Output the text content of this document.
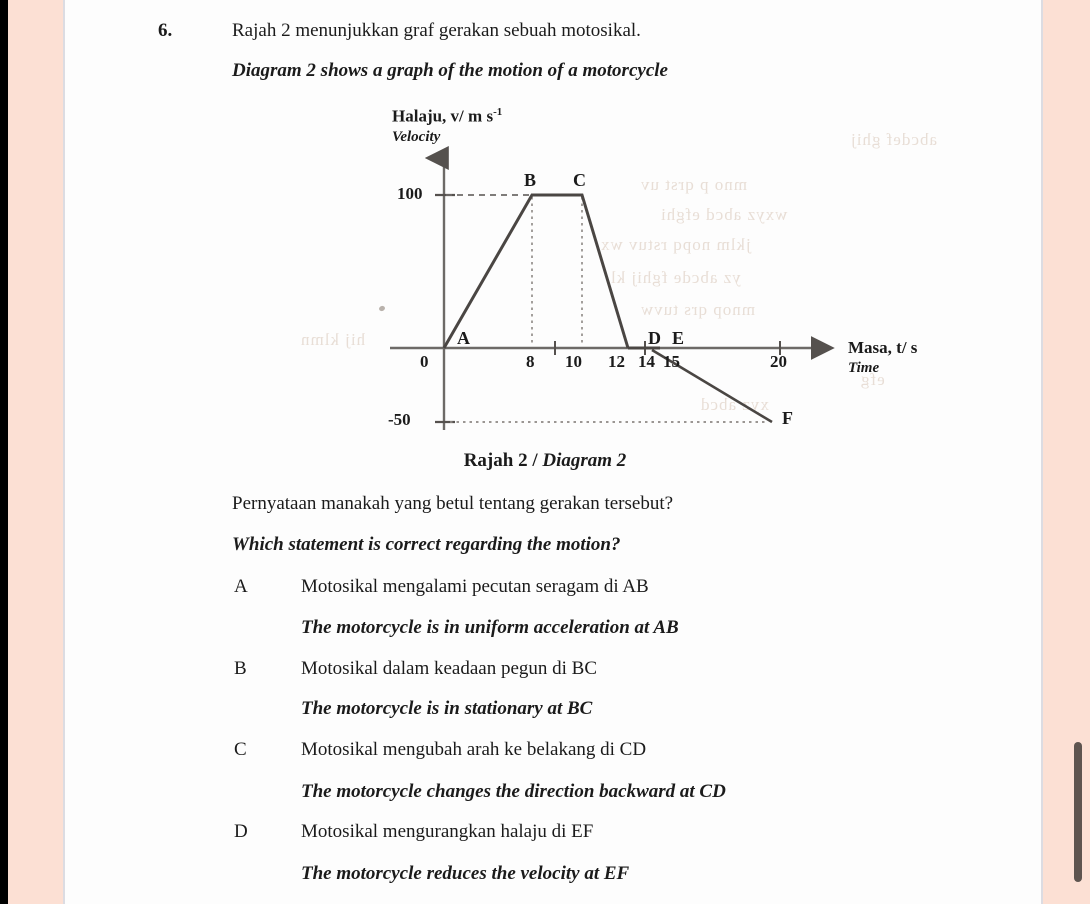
abcdef ghij
mno p qrst uv
wxyz abcd efghi
jklm nopq rstuv wx
yz abcde fghij kl
mnop qrs tuvw
xyz abcd
efg
hij klmn
6.	Rajah 2 menunjukkan graf gerakan sebuah motosikal.
Diagram 2 shows a graph of the motion of a motorcycle
Halaju, v/ m $s^{-1}$
Velocity
Masa, t/ s
Time
100
-50
0	8 10 12 14 15	20
A
B C
D E
F
Rajah 2 / Diagram 2
Pernyataan manakah yang betul tentang gerakan tersebut?
Which statement is correct regarding the motion?
A	Motosikal mengalami pecutan seragam di AB
The motorcycle is in uniform acceleration at AB
B	Motosikal dalam keadaan pegun di BC
The motorcycle is in stationary at BC
C	Motosikal mengubah arah ke belakang di CD
The motorcycle changes the direction backward at CD
D	Motosikal mengurangkan halaju di EF
The motorcycle reduces the velocity at EF
